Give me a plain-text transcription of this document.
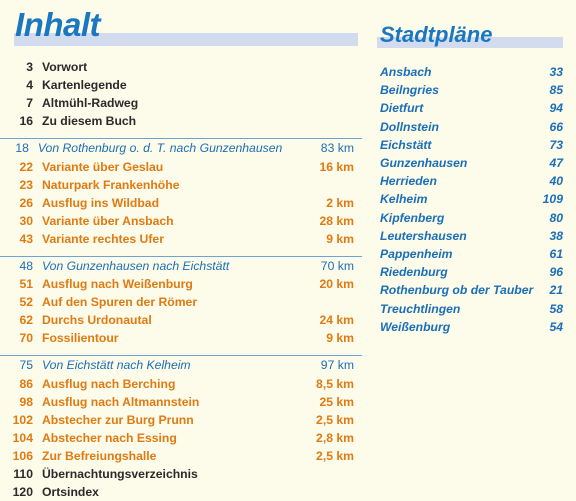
Inhalt
3 Vorwort
4 Kartenlegende
7 Altmühl-Radweg
16 Zu diesem Buch
18 Von Rothenburg o. d. T. nach Gunzenhausen	83 km
22 Variante über Geslau	16 km
23 Naturpark Frankenhöhe
26 Ausflug ins Wildbad	2 km
30 Variante über Ansbach	28 km
43 Variante rechtes Ufer	9 km
48 Von Gunzenhausen nach Eichstätt	70 km
51 Ausflug nach Weißenburg	20 km
52 Auf den Spuren der Römer
62 Durchs Urdonautal	24 km
70 Fossilientour	9 km
75 Von Eichstätt nach Kelheim	97 km
86 Ausflug nach Berching	8,5 km
98 Ausflug nach Altmannstein	25 km
102 Abstecher zur Burg Prunn	2,5 km
104 Abstecher nach Essing	2,8 km
106 Zur Befreiungshalle	2,5 km
110 Übernachtungsverzeichnis
120 Ortsindex
Stadtpläne
Ansbach	33
Beilngries	85
Dietfurt	94
Dollnstein	66
Eichstätt	73
Gunzenhausen	47
Herrieden	40
Kelheim	109
Kipfenberg	80
Leutershausen	38
Pappenheim	61
Riedenburg	96
Rothenburg ob der Tauber 21
Treuchtlingen	58
Weißenburg	54
